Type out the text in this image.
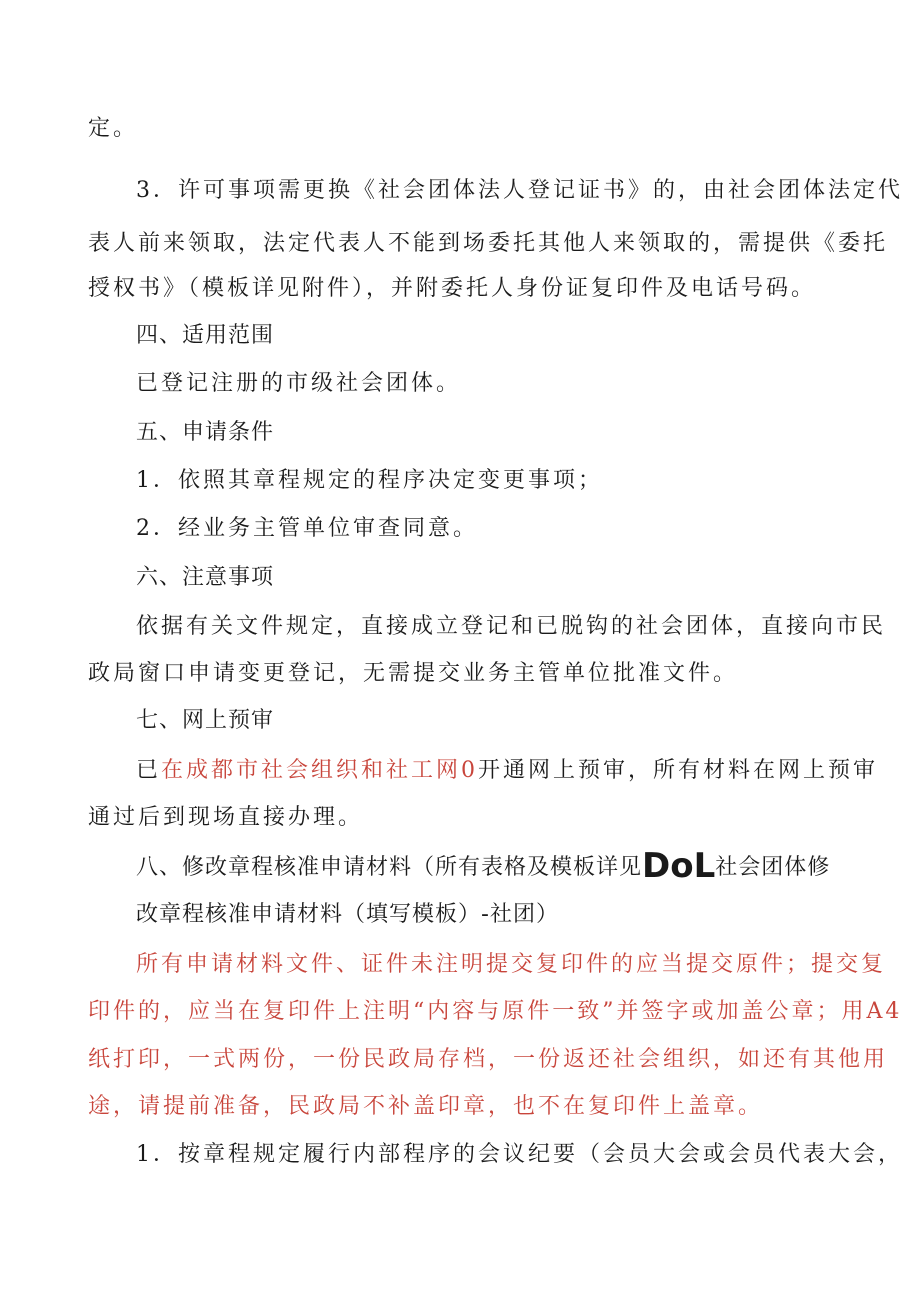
定。
3．许可事项需更换《社会团体法人登记证书》的，由社会团体法定代
表人前来领取，法定代表人不能到场委托其他人来领取的，需提供《委托
授权书》（模板详见附件），并附委托人身份证复印件及电话号码。
四、适用范围
已登记注册的市级社会团体。
五、申请条件
1．依照其章程规定的程序决定变更事项；
2．经业务主管单位审查同意。
六、注意事项
依据有关文件规定，直接成立登记和已脱钩的社会团体，直接向市民
政局窗口申请变更登记，无需提交业务主管单位批准文件。
七、网上预审
已在成都市社会组织和社工网0开通网上预审，所有材料在网上预审
通过后到现场直接办理。
八、修改章程核准申请材料（所有表格及模板详见DoL社会团体修
改章程核准申请材料（填写模板）-社团）
所有申请材料文件、证件未注明提交复印件的应当提交原件；提交复
印件的，应当在复印件上注明“内容与原件一致”并签字或加盖公章；用A4
纸打印，一式两份，一份民政局存档，一份返还社会组织，如还有其他用
途，请提前准备，民政局不补盖印章，也不在复印件上盖章。
1．按章程规定履行内部程序的会议纪要（会员大会或会员代表大会，
